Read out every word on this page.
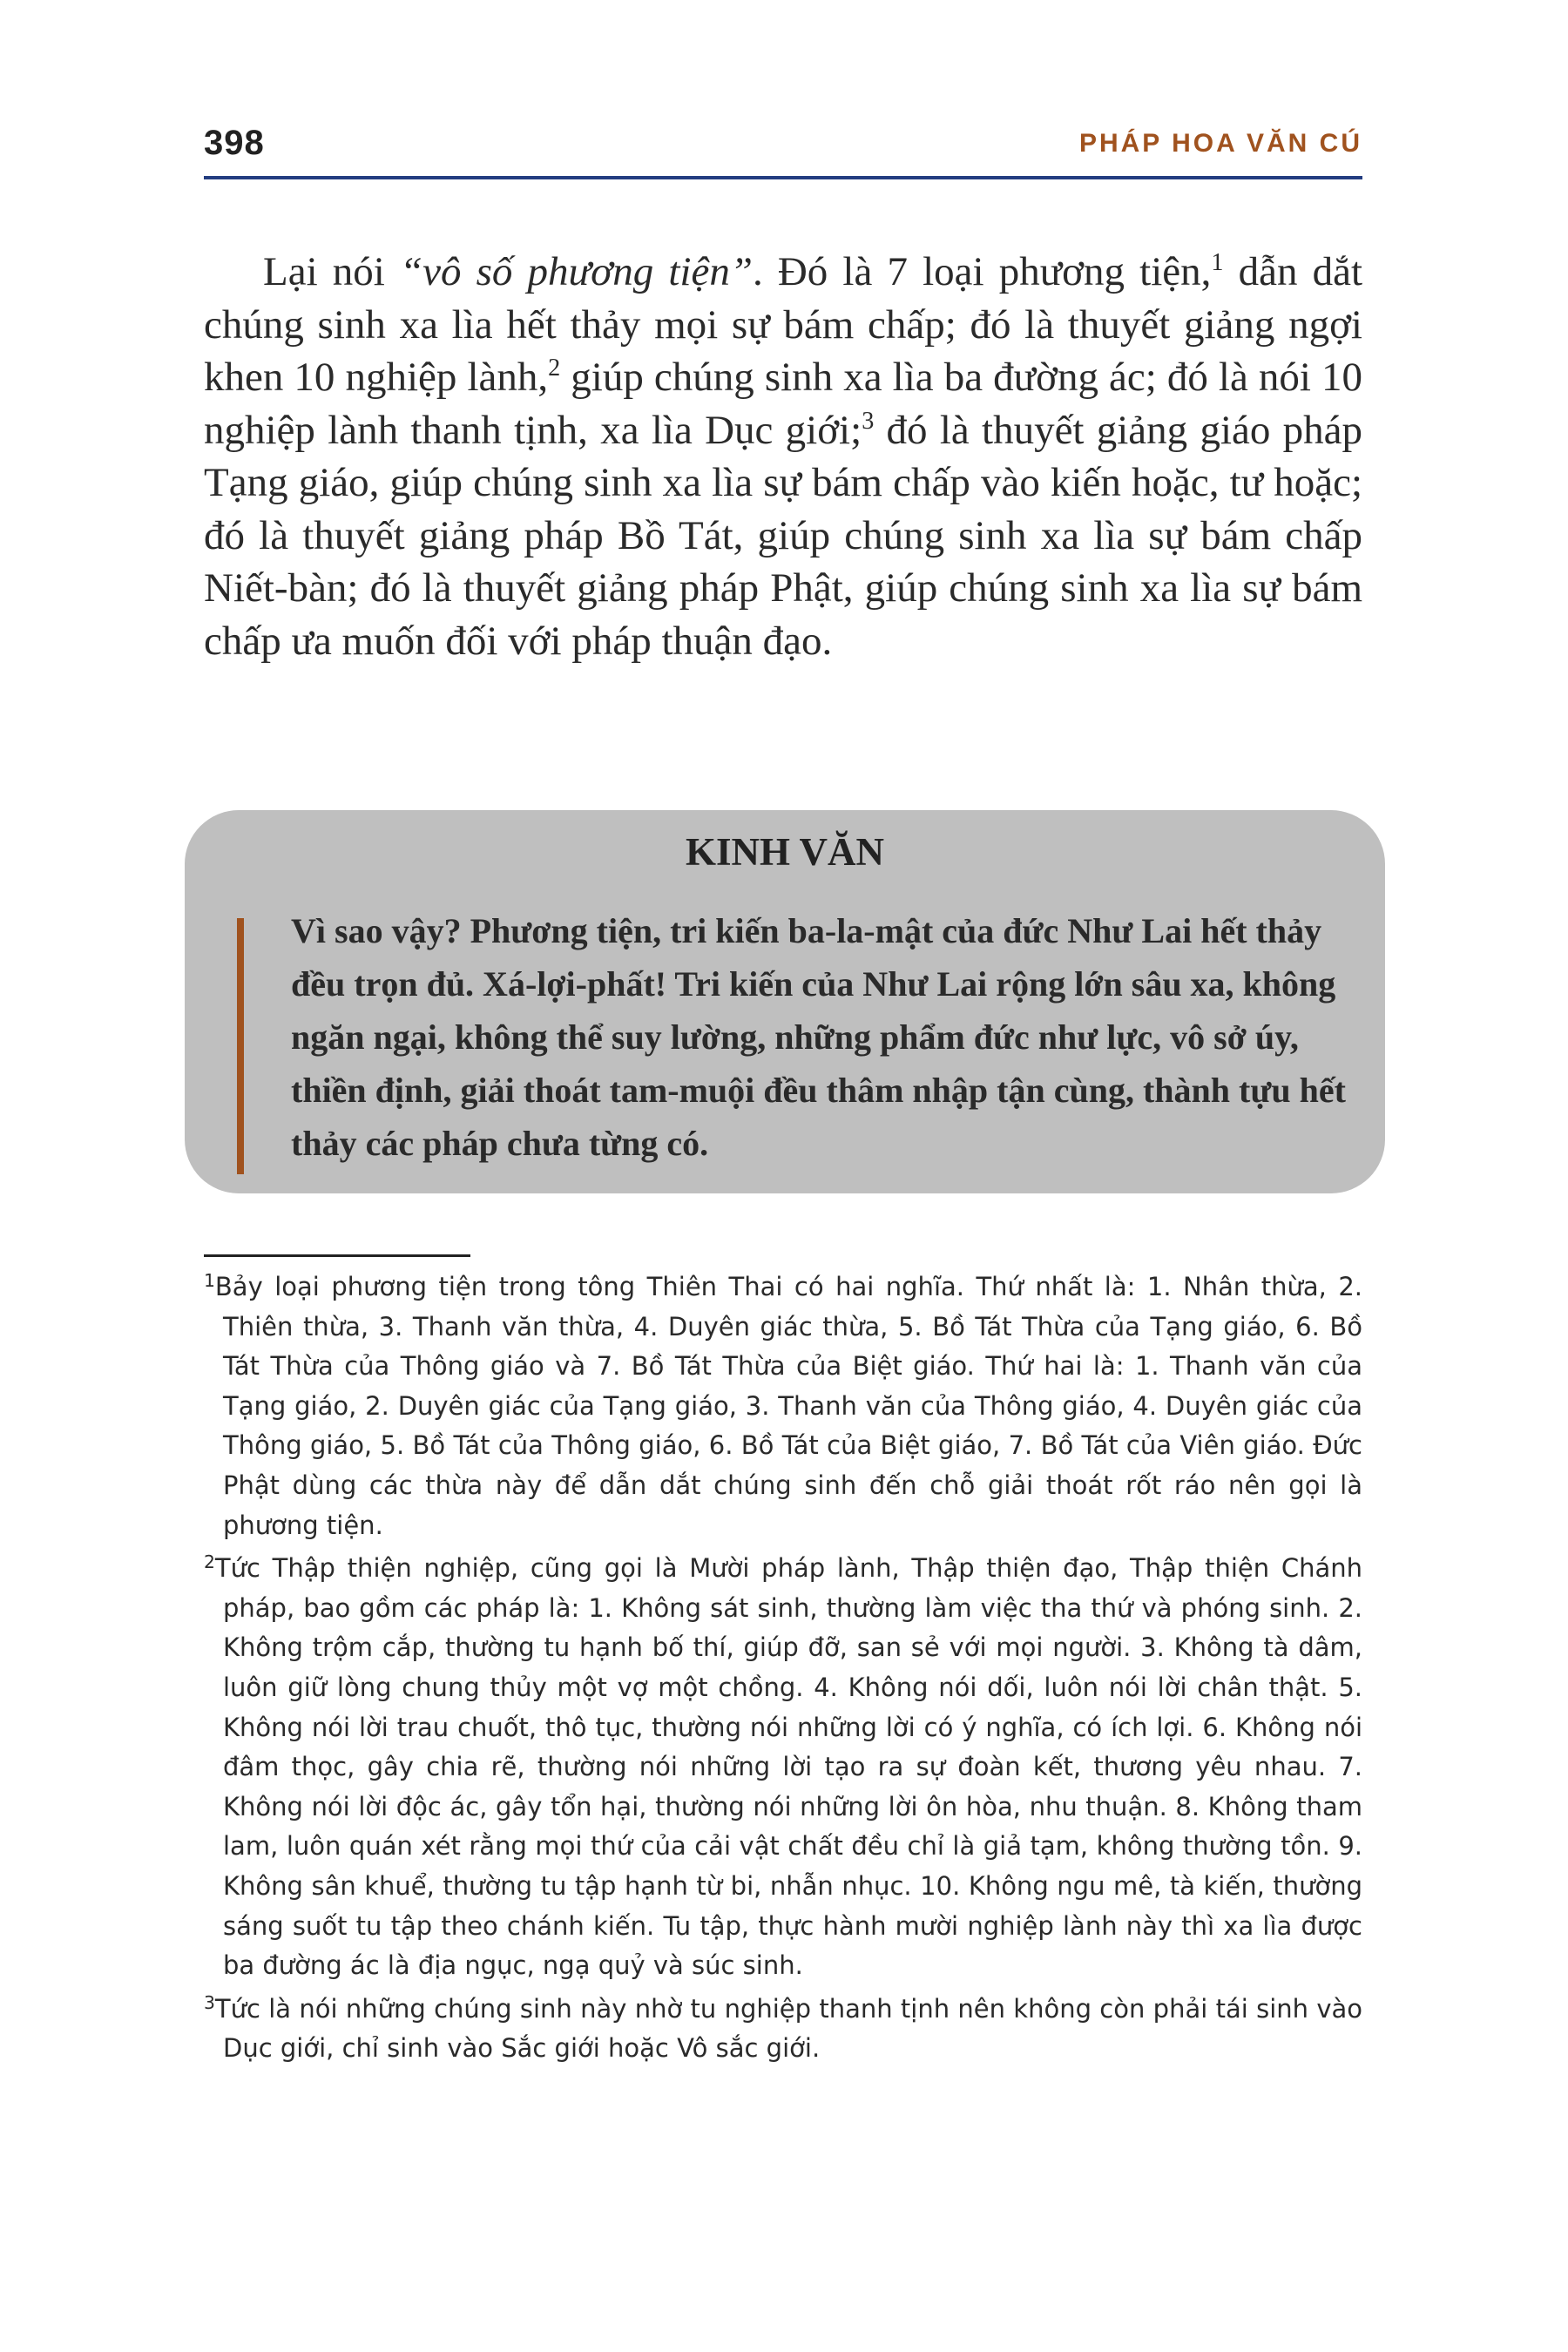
398	PHÁP HOA VĂN CÚ

Lại nói “vô số phương tiện”. Đó là 7 loại phương tiện,$^1$ dẫn dắt chúng sinh xa lìa hết thảy mọi sự bám chấp; đó là thuyết giảng ngợi khen 10 nghiệp lành,$^2$ giúp chúng sinh xa lìa ba đường ác; đó là nói 10 nghiệp lành thanh tịnh, xa lìa Dục giới;$^3$ đó là thuyết giảng giáo pháp Tạng giáo, giúp chúng sinh xa lìa sự bám chấp vào kiến hoặc, tư hoặc; đó là thuyết giảng pháp Bồ Tát, giúp chúng sinh xa lìa sự bám chấp Niết-bàn; đó là thuyết giảng pháp Phật, giúp chúng sinh xa lìa sự bám chấp ưa muốn đối với pháp thuận đạo.

KINH VĂN
Vì sao vậy? Phương tiện, tri kiến ba-la-mật của đức Như Lai hết thảy đều trọn đủ. Xá-lợi-phất! Tri kiến của Như Lai rộng lớn sâu xa, không ngăn ngại, không thể suy lường, những phẩm đức như lực, vô sở úy, thiền định, giải thoát tam-muội đều thâm nhập tận cùng, thành tựu hết thảy các pháp chưa từng có.

$^1$Bảy loại phương tiện trong tông Thiên Thai có hai nghĩa. Thứ nhất là: 1. Nhân thừa, 2. Thiên thừa, 3. Thanh văn thừa, 4. Duyên giác thừa, 5. Bồ Tát Thừa của Tạng giáo, 6. Bồ Tát Thừa của Thông giáo và 7. Bồ Tát Thừa của Biệt giáo. Thứ hai là: 1. Thanh văn của Tạng giáo, 2. Duyên giác của Tạng giáo, 3. Thanh văn của Thông giáo, 4. Duyên giác của Thông giáo, 5. Bồ Tát của Thông giáo, 6. Bồ Tát của Biệt giáo, 7. Bồ Tát của Viên giáo. Đức Phật dùng các thừa này để dẫn dắt chúng sinh đến chỗ giải thoát rốt ráo nên gọi là phương tiện.

$^2$Tức Thập thiện nghiệp, cũng gọi là Mười pháp lành, Thập thiện đạo, Thập thiện Chánh pháp, bao gồm các pháp là: 1. Không sát sinh, thường làm việc tha thứ và phóng sinh. 2. Không trộm cắp, thường tu hạnh bố thí, giúp đỡ, san sẻ với mọi người. 3. Không tà dâm, luôn giữ lòng chung thủy một vợ một chồng. 4. Không nói dối, luôn nói lời chân thật. 5. Không nói lời trau chuốt, thô tục, thường nói những lời có ý nghĩa, có ích lợi. 6. Không nói đâm thọc, gây chia rẽ, thường nói những lời tạo ra sự đoàn kết, thương yêu nhau. 7. Không nói lời độc ác, gây tổn hại, thường nói những lời ôn hòa, nhu thuận. 8. Không tham lam, luôn quán xét rằng mọi thứ của cải vật chất đều chỉ là giả tạm, không thường tồn. 9. Không sân khuể, thường tu tập hạnh từ bi, nhẫn nhục. 10. Không ngu mê, tà kiến, thường sáng suốt tu tập theo chánh kiến. Tu tập, thực hành mười nghiệp lành này thì xa lìa được ba đường ác là địa ngục, ngạ quỷ và súc sinh.

$^3$Tức là nói những chúng sinh này nhờ tu nghiệp thanh tịnh nên không còn phải tái sinh vào Dục giới, chỉ sinh vào Sắc giới hoặc Vô sắc giới.
